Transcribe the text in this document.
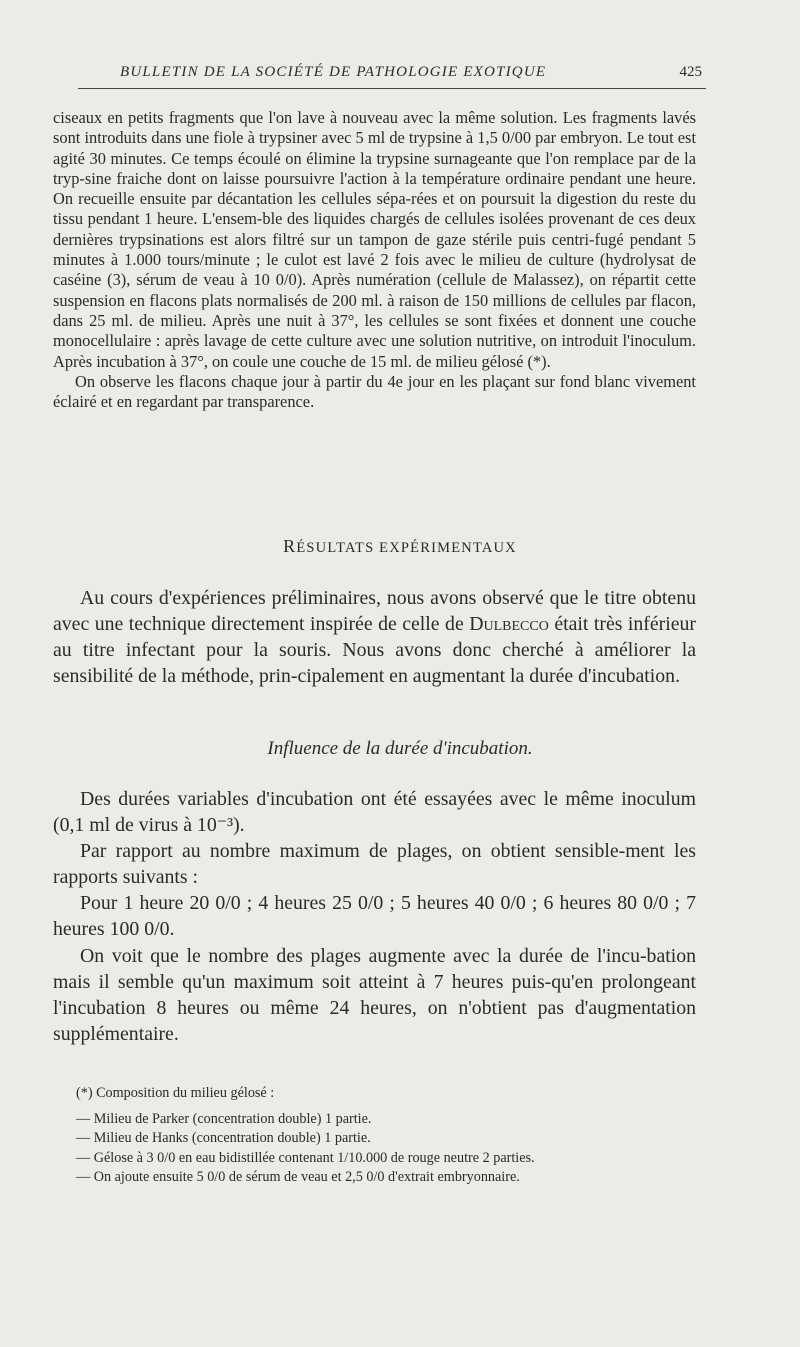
BULLETIN DE LA SOCIÉTÉ DE PATHOLOGIE EXOTIQUE	425

ciseaux en petits fragments que l'on lave à nouveau avec la même solution. Les fragments lavés sont introduits dans une fiole à trypsiner avec 5 ml de trypsine à 1,5 0/00 par embryon. Le tout est agité 30 minutes. Ce temps écoulé on élimine la trypsine surnageante que l'on remplace par de la tryp-sine fraiche dont on laisse poursuivre l'action à la température ordinaire pendant une heure. On recueille ensuite par décantation les cellules sépa-rées et on poursuit la digestion du reste du tissu pendant 1 heure. L'ensem-ble des liquides chargés de cellules isolées provenant de ces deux dernières trypsinations est alors filtré sur un tampon de gaze stérile puis centri-fugé pendant 5 minutes à 1.000 tours/minute ; le culot est lavé 2 fois avec le milieu de culture (hydrolysat de caséine (3), sérum de veau à 10 0/0). Après numération (cellule de Malassez), on répartit cette suspension en flacons plats normalisés de 200 ml. à raison de 150 millions de cellules par flacon, dans 25 ml. de milieu. Après une nuit à 37°, les cellules se sont fixées et donnent une couche monocellulaire : après lavage de cette culture avec une solution nutritive, on introduit l'inoculum. Après incubation à 37°, on coule une couche de 15 ml. de milieu gélosé (*).

On observe les flacons chaque jour à partir du 4e jour en les plaçant sur fond blanc vivement éclairé et en regardant par transparence.

RÉSULTATS EXPÉRIMENTAUX

Au cours d'expériences préliminaires, nous avons observé que le titre obtenu avec une technique directement inspirée de celle de Dulbecco était très inférieur au titre infectant pour la souris. Nous avons donc cherché à améliorer la sensibilité de la méthode, prin-cipalement en augmentant la durée d'incubation.

Influence de la durée d'incubation.

Des durées variables d'incubation ont été essayées avec le même inoculum (0,1 ml de virus à 10⁻³).

Par rapport au nombre maximum de plages, on obtient sensible-ment les rapports suivants :

Pour 1 heure 20 0/0 ; 4 heures 25 0/0 ; 5 heures 40 0/0 ; 6 heures 80 0/0 ; 7 heures 100 0/0.

On voit que le nombre des plages augmente avec la durée de l'incu-bation mais il semble qu'un maximum soit atteint à 7 heures puis-qu'en prolongeant l'incubation 8 heures ou même 24 heures, on n'obtient pas d'augmentation supplémentaire.

(*) Composition du milieu gélosé :

— Milieu de Parker (concentration double) 1 partie.

— Milieu de Hanks (concentration double) 1 partie.

— Gélose à 3 0/0 en eau bidistillée contenant 1/10.000 de rouge neutre 2 parties.

— On ajoute ensuite 5 0/0 de sérum de veau et 2,5 0/0 d'extrait embryonnaire.
